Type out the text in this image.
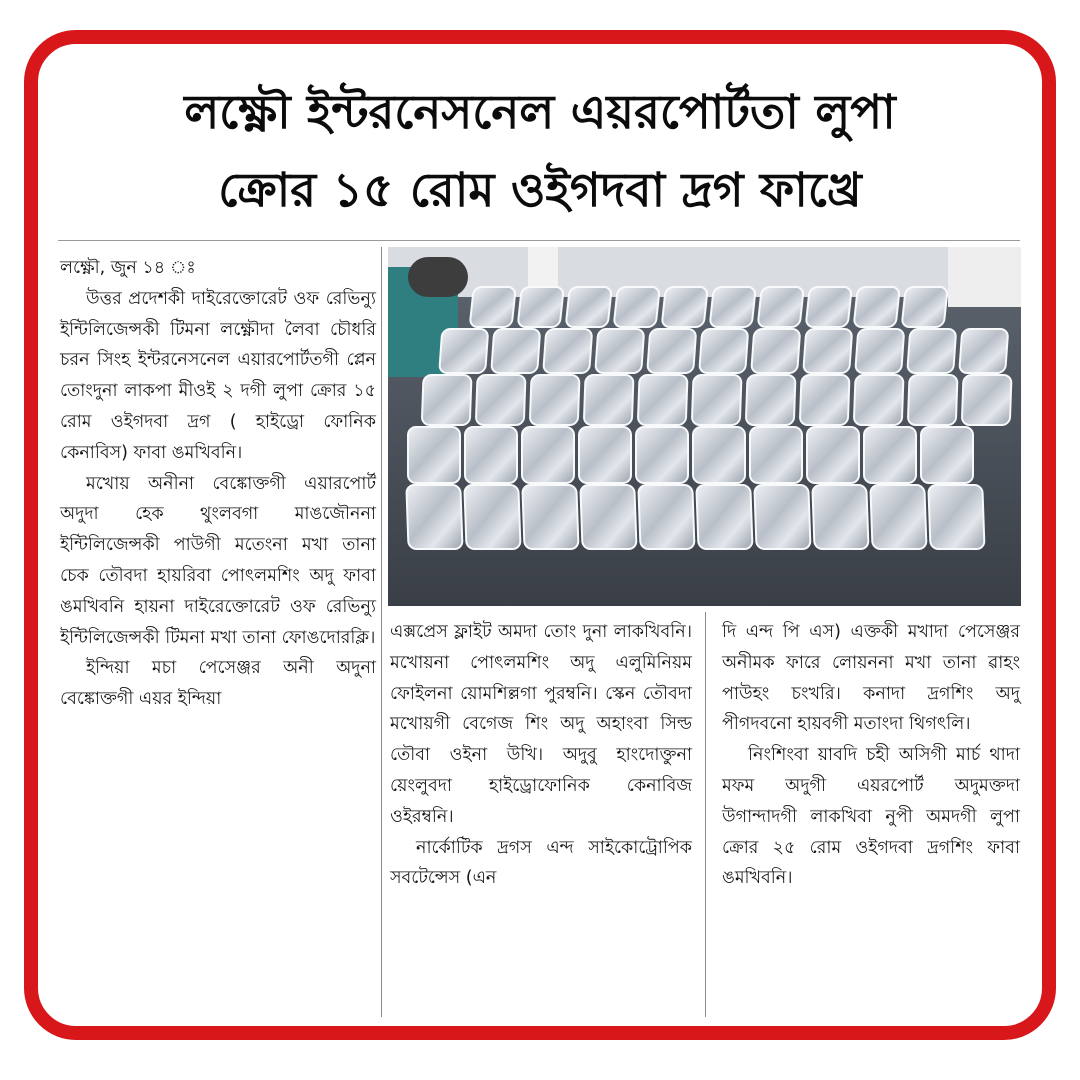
লক্ষ্ণৌ ইন্টরনেসনেল এয়রপোর্টতা লুপা
ক্রোর ১৫ রোম ওইগদবা দ্রগ ফাখ্রে

লক্ষ্ণৌ, জুন ১৪ ঃ

উত্তর প্রদেশকী দাইরেক্তোরেট ওফ রেভিন্যু ইন্টিলিজেন্সকী টিমনা লক্ষ্ণৌদা লৈবা চৌধরি চরন সিংহ ইন্টরনেসনেল এয়ারপোর্টতগী প্লেন তোংদুনা লাকপা মীওই ২ দগী লুপা ক্রোর ১৫ রোম ওইগদবা দ্রগ ( হাইড্রো ফোনিক কেনাবিস) ফাবা ঙমখিবনি।

মখোয় অনীনা বেঙ্কোক্তগী এয়ারপোর্ট অদুদা হেক থুংলবগা মাঙজৌননা ইন্টিলিজেন্সকী পাউগী মতেংনা মখা তানা চেক তৌবদা হায়রিবা পোৎলমশিং অদু ফাবা ঙমখিবনি হায়না দাইরেক্তোরেট ওফ রেভিন্যু ইন্টিলিজেন্সকী টিমনা মখা তানা ফোঙদোরক্লি।

ইন্দিয়া মচা পেসেঞ্জর অনী অদুনা বেঙ্কোক্তগী এয়র ইন্দিয়া

এক্সপ্রেস ফ্লাইট অমদা তোং দুনা লাকখিবনি। মখোয়না পোৎলমশিং অদু এলুমিনিয়ম ফোইলনা য়োমশিল্লগা পুরম্বনি। স্কেন তৌবদা মখোয়গী বেগেজ শিং অদু অহাংবা সিল্ড তৌবা ওইনা উখি। অদুবু হাংদোক্তুনা য়েংলুবদা হাইড্রোফোনিক কেনাবিজ ওইরম্বনি।

নার্কোটিক দ্রগস এন্দ সাইকোট্রোপিক সবটেন্সেস (এন

দি এন্দ পি এস) এক্তকী মখাদা পেসেঞ্জর অনীমক ফারে লোয়ননা মখা তানা ৱাহং পাউহং চংখরি। কনাদা দ্রগশিং অদু পীগদবনো হায়বগী মতাংদা থিগৎলি।

নিংশিংবা য়াবদি চহী অসিগী মার্চ থাদা মফম অদুগী এয়রপোর্ট অদুমক্তদা উগান্দাদগী লাকখিবা নুপী অমদগী লুপা ক্রোর ২৫ রোম ওইগদবা দ্রগশিং ফাবা ঙমখিবনি।
